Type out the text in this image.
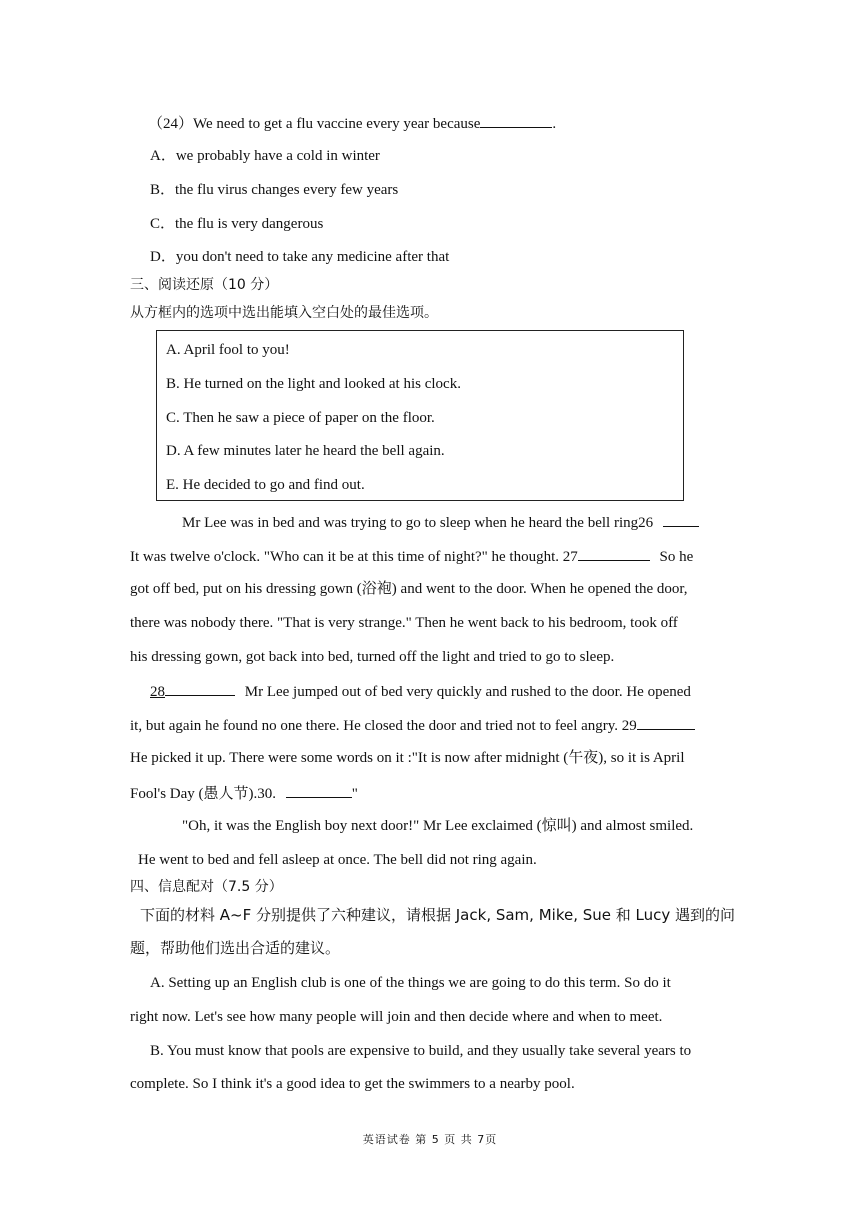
（24）We need to get a flu vaccine every year because	.
A．we probably have a cold in winter
B．the flu virus changes every few years
C．the flu is very dangerous
D．you don't need to take any medicine after that
三、阅读还原（10 分）
从方框内的选项中选出能填入空白处的最佳选项。
A. April fool to you!
B. He turned on the light and looked at his clock.
C. Then he saw a piece of paper on the floor.
D. A few minutes later he heard the bell again.
E. He decided to go and find out.
Mr Lee was in bed and was trying to go to sleep when he heard the bell ring26
It was twelve o'clock. "Who can it be at this time of night?" he thought. 27	So he
got off bed, put on his dressing gown (浴袍) and went to the door. When he opened the door,
there was nobody there. "That is very strange." Then he went back to his bedroom, took off
his dressing gown, got back into bed, turned off the light and tried to go to sleep.
28	Mr Lee jumped out of bed very quickly and rushed to the door. He opened
it, but again he found no one there. He closed the door and tried not to feel angry. 29
He picked it up. There were some words on it :"It is now after midnight (午夜), so it is April
Fool's Day (愚人节).30.	"
"Oh, it was the English boy next door!" Mr Lee exclaimed (惊叫) and almost smiled.
He went to bed and fell asleep at once. The bell did not ring again.
四、信息配对（7.5 分）
下面的材料 A~F 分别提供了六种建议，请根据 Jack, Sam, Mike, Sue 和 Lucy 遇到的问
题，帮助他们选出合适的建议。
A. Setting up an English club is one of the things we are going to do this term. So do it
right now. Let's see how many people will join and then decide where and when to meet.
B. You must know that pools are expensive to build, and they usually take several years to
complete. So I think it's a good idea to get the swimmers to a nearby pool.
英语试卷 第 5 页 共 7页
